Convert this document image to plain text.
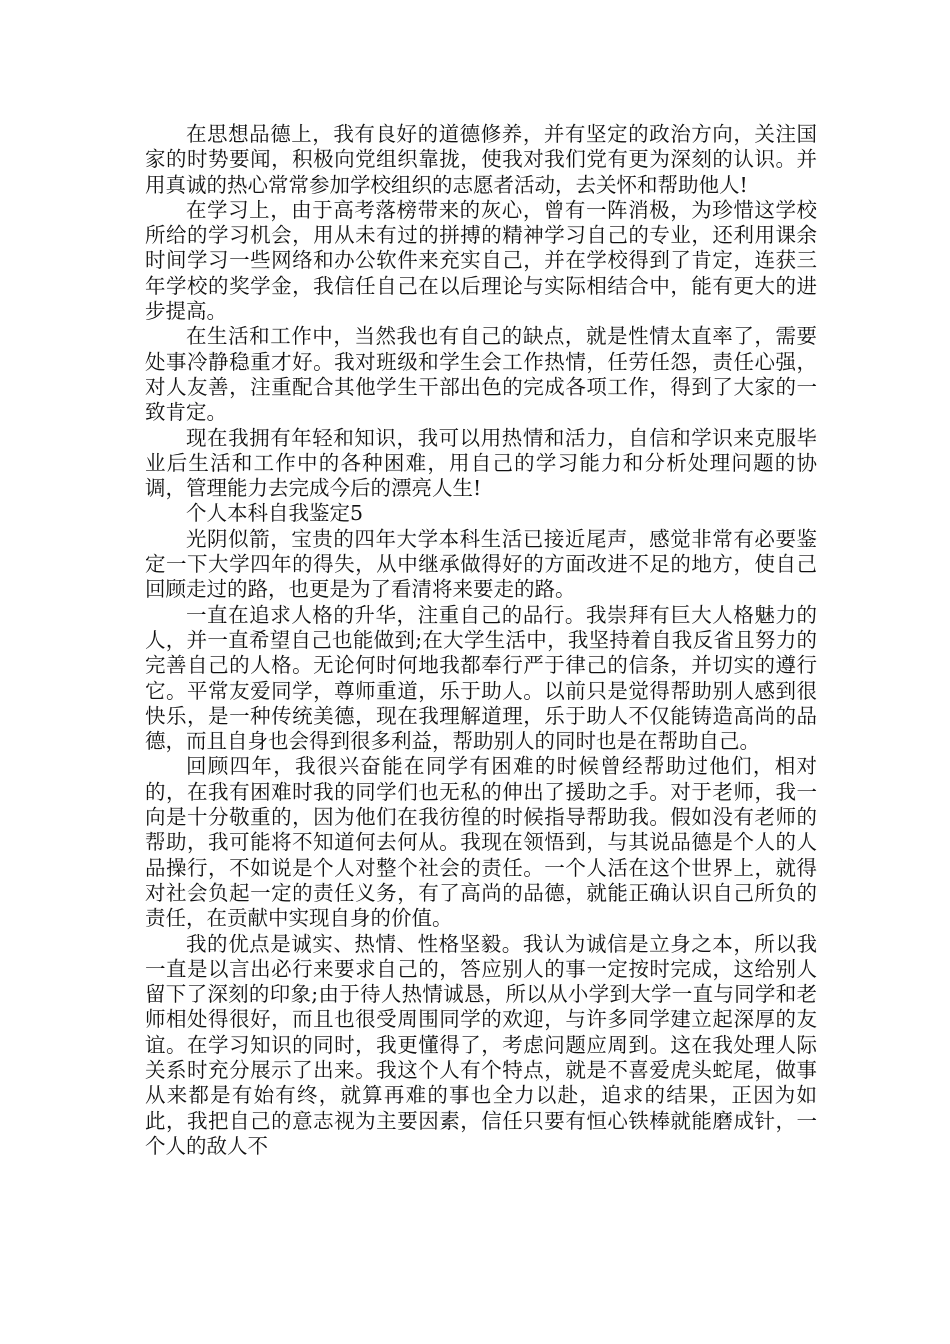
在思想品德上，我有良好的道德修养，并有坚定的政治方向，关注国家的时势要闻，积极向党组织靠拢，使我对我们党有更为深刻的认识。并用真诚的热心常常参加学校组织的志愿者活动，去关怀和帮助他人!

在学习上，由于高考落榜带来的灰心，曾有一阵消极，为珍惜这学校所给的学习机会，用从未有过的拼搏的精神学习自己的专业，还利用课余时间学习一些网络和办公软件来充实自己，并在学校得到了肯定，连获三年学校的奖学金，我信任自己在以后理论与实际相结合中，能有更大的进步提高。

在生活和工作中，当然我也有自己的缺点，就是性情太直率了，需要处事冷静稳重才好。我对班级和学生会工作热情，任劳任怨，责任心强，对人友善，注重配合其他学生干部出色的完成各项工作，得到了大家的一致肯定。

现在我拥有年轻和知识，我可以用热情和活力，自信和学识来克服毕业后生活和工作中的各种困难，用自己的学习能力和分析处理问题的协调，管理能力去完成今后的漂亮人生!

个人本科自我鉴定5

光阴似箭，宝贵的四年大学本科生活已接近尾声，感觉非常有必要鉴定一下大学四年的得失，从中继承做得好的方面改进不足的地方，使自己回顾走过的路，也更是为了看清将来要走的路。

一直在追求人格的升华，注重自己的品行。我崇拜有巨大人格魅力的人，并一直希望自己也能做到;在大学生活中，我坚持着自我反省且努力的完善自己的人格。无论何时何地我都奉行严于律己的信条，并切实的遵行它。平常友爱同学，尊师重道，乐于助人。以前只是觉得帮助别人感到很快乐，是一种传统美德，现在我理解道理，乐于助人不仅能铸造高尚的品德，而且自身也会得到很多利益，帮助别人的同时也是在帮助自己。

回顾四年，我很兴奋能在同学有困难的时候曾经帮助过他们，相对的，在我有困难时我的同学们也无私的伸出了援助之手。对于老师，我一向是十分敬重的，因为他们在我彷徨的时候指导帮助我。假如没有老师的帮助，我可能将不知道何去何从。我现在领悟到，与其说品德是个人的人品操行，不如说是个人对整个社会的责任。一个人活在这个世界上，就得对社会负起一定的责任义务，有了高尚的品德，就能正确认识自己所负的责任，在贡献中实现自身的价值。

我的优点是诚实、热情、性格坚毅。我认为诚信是立身之本，所以我一直是以言出必行来要求自己的，答应别人的事一定按时完成，这给别人留下了深刻的印象;由于待人热情诚恳，所以从小学到大学一直与同学和老师相处得很好，而且也很受周围同学的欢迎，与许多同学建立起深厚的友谊。在学习知识的同时，我更懂得了，考虑问题应周到。这在我处理人际关系时充分展示了出来。我这个人有个特点，就是不喜爱虎头蛇尾，做事从来都是有始有终，就算再难的事也全力以赴，追求的结果，正因为如此，我把自己的意志视为主要因素，信任只要有恒心铁棒就能磨成针，一个人的敌人不
